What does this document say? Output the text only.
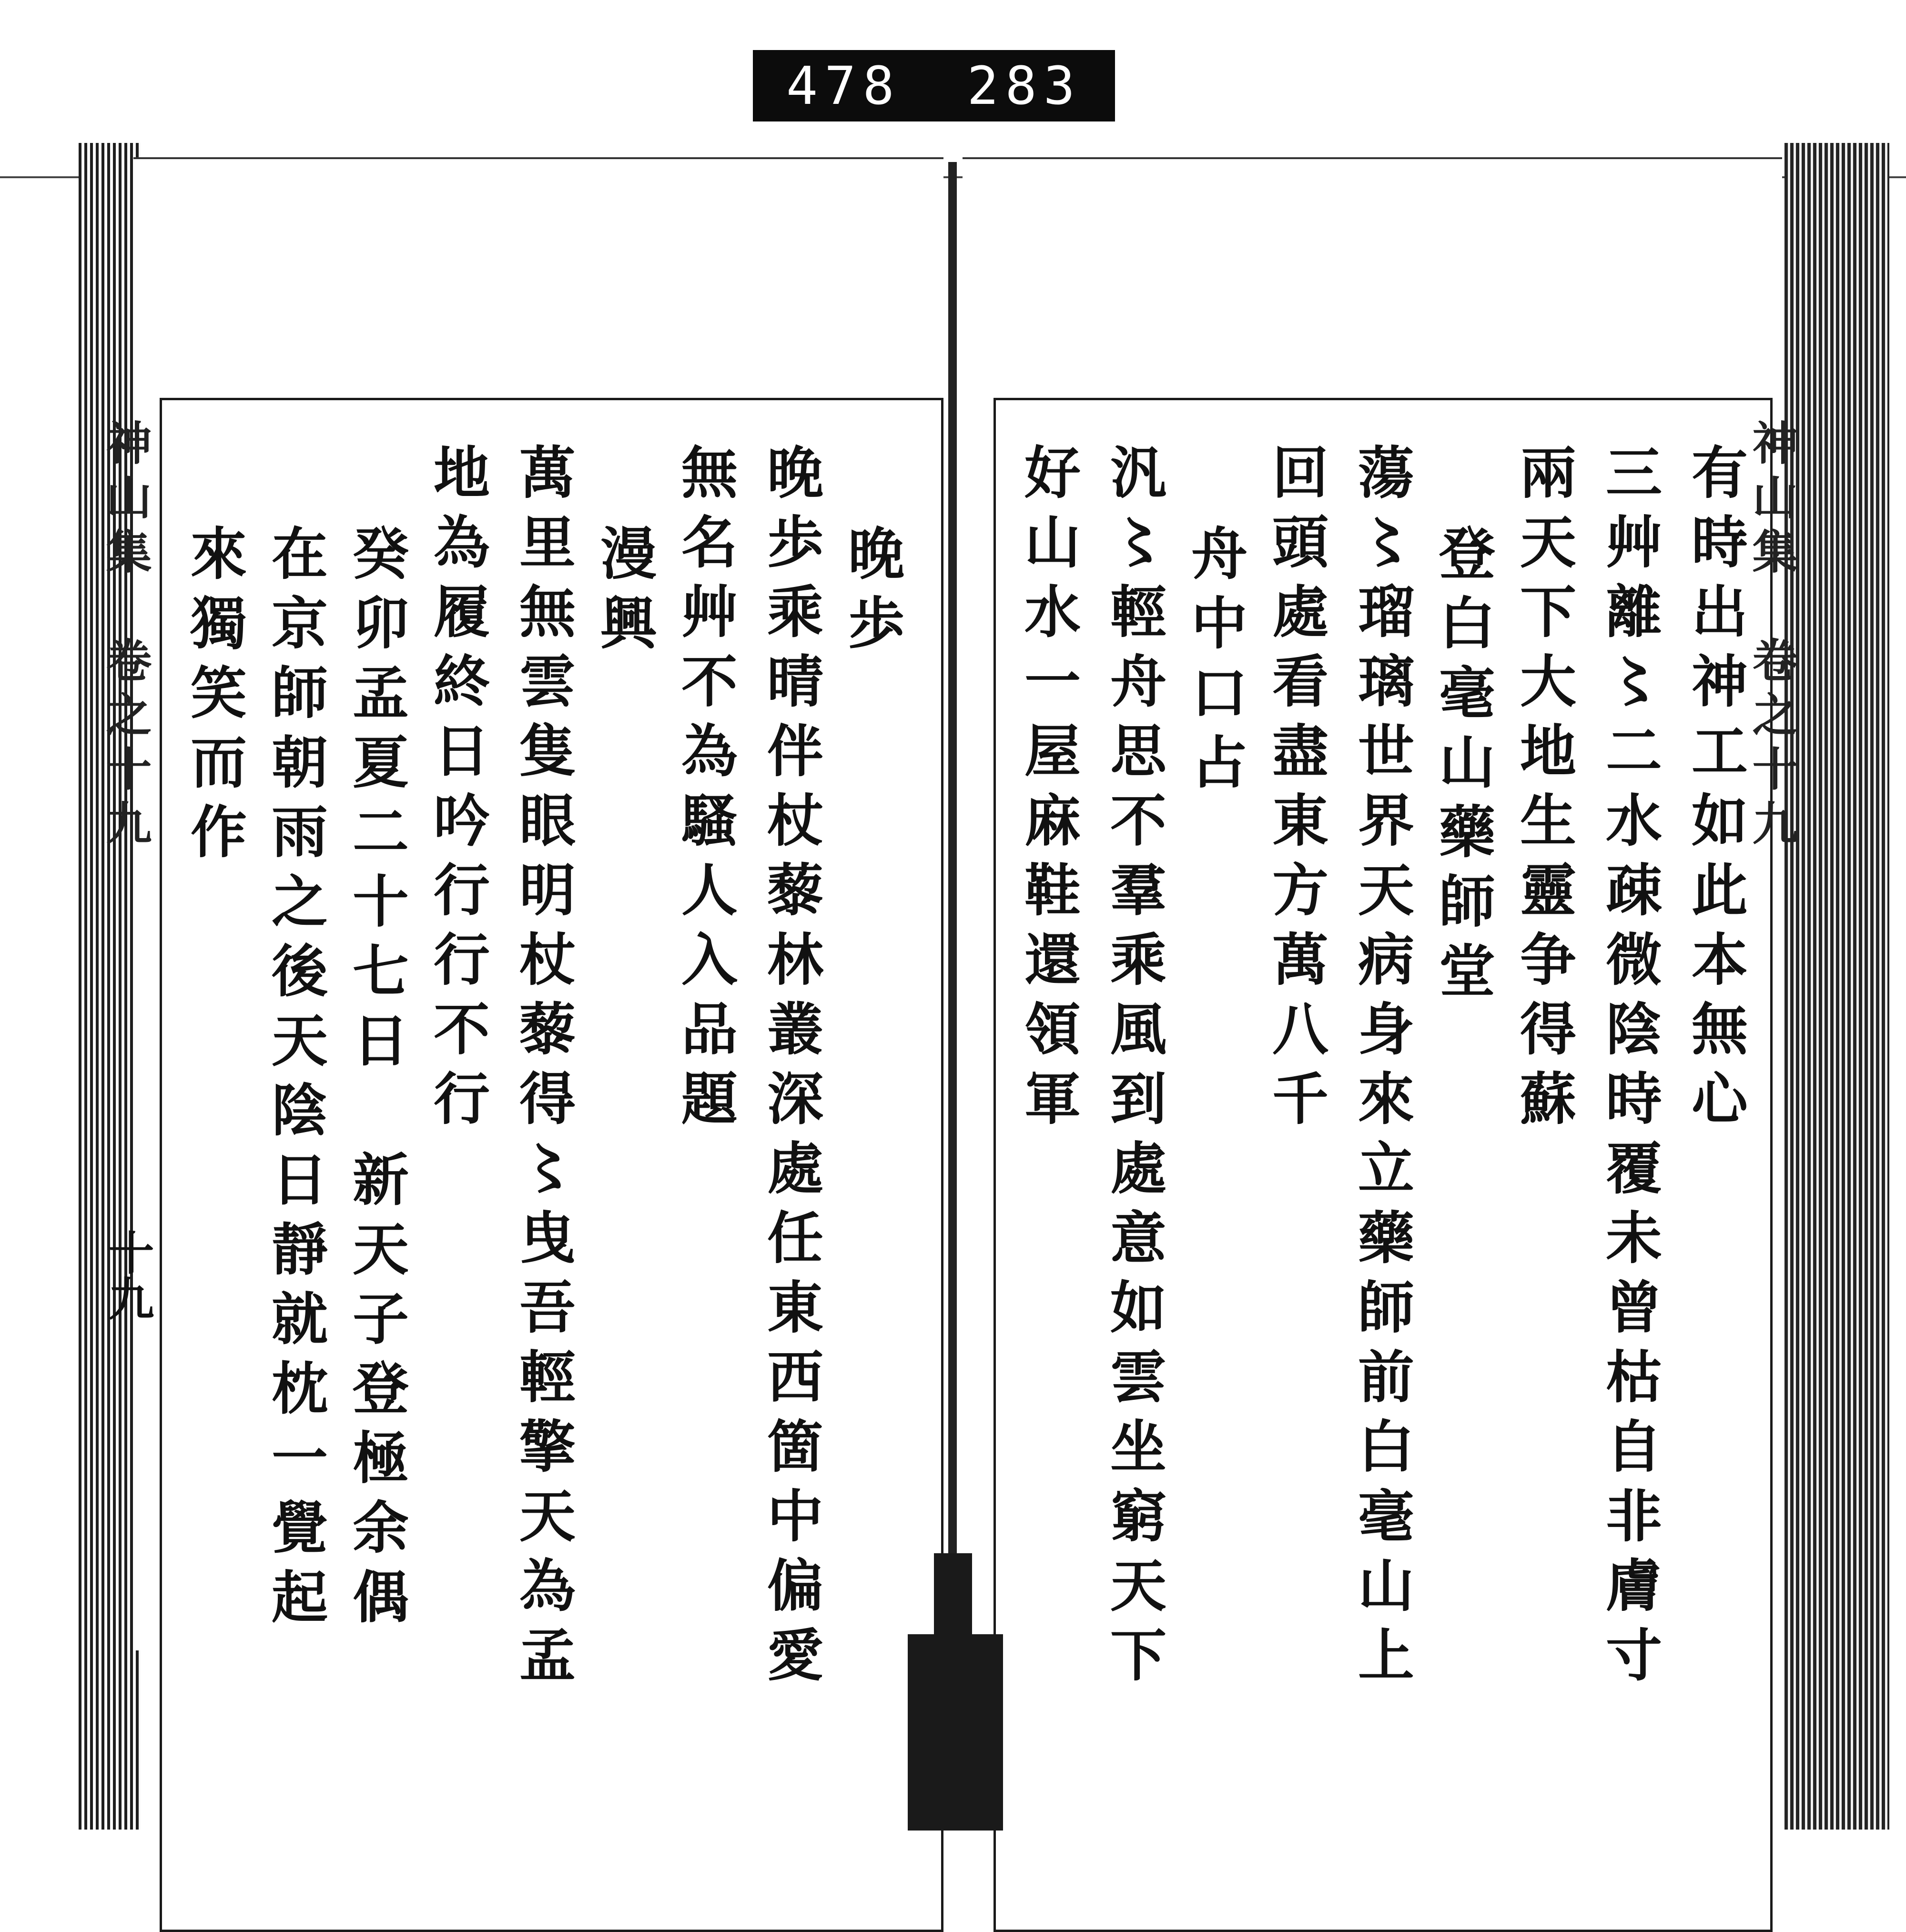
478 283
神山集　卷之十九
十九
神山集　卷之十九
有時出神工如此本無心
三艸離〻二水疎微陰時覆未曾枯自非膚寸
兩天下大地生靈争得蘇
登白毫山藥師堂
蕩〻瑠璃世界天病身來立藥師前白毫山上
回頭處看盡東方萬八千
舟中口占
汎〻輕舟思不羣乘風到處意如雲坐窮天下
好山水一屋麻鞋還領軍
晚歩
晚歩乘晴伴杖藜林叢深處任東西箇中偏愛
無名艸不為騷人入品題
漫興
萬里無雲隻眼明杖藜得〻曳吾輕擎天為孟
地為履終日吟行行不行
癸卯孟夏二十七日　新天子登極余偶
在京師朝雨之後天陰日靜就枕一覺起
來獨笑而作
